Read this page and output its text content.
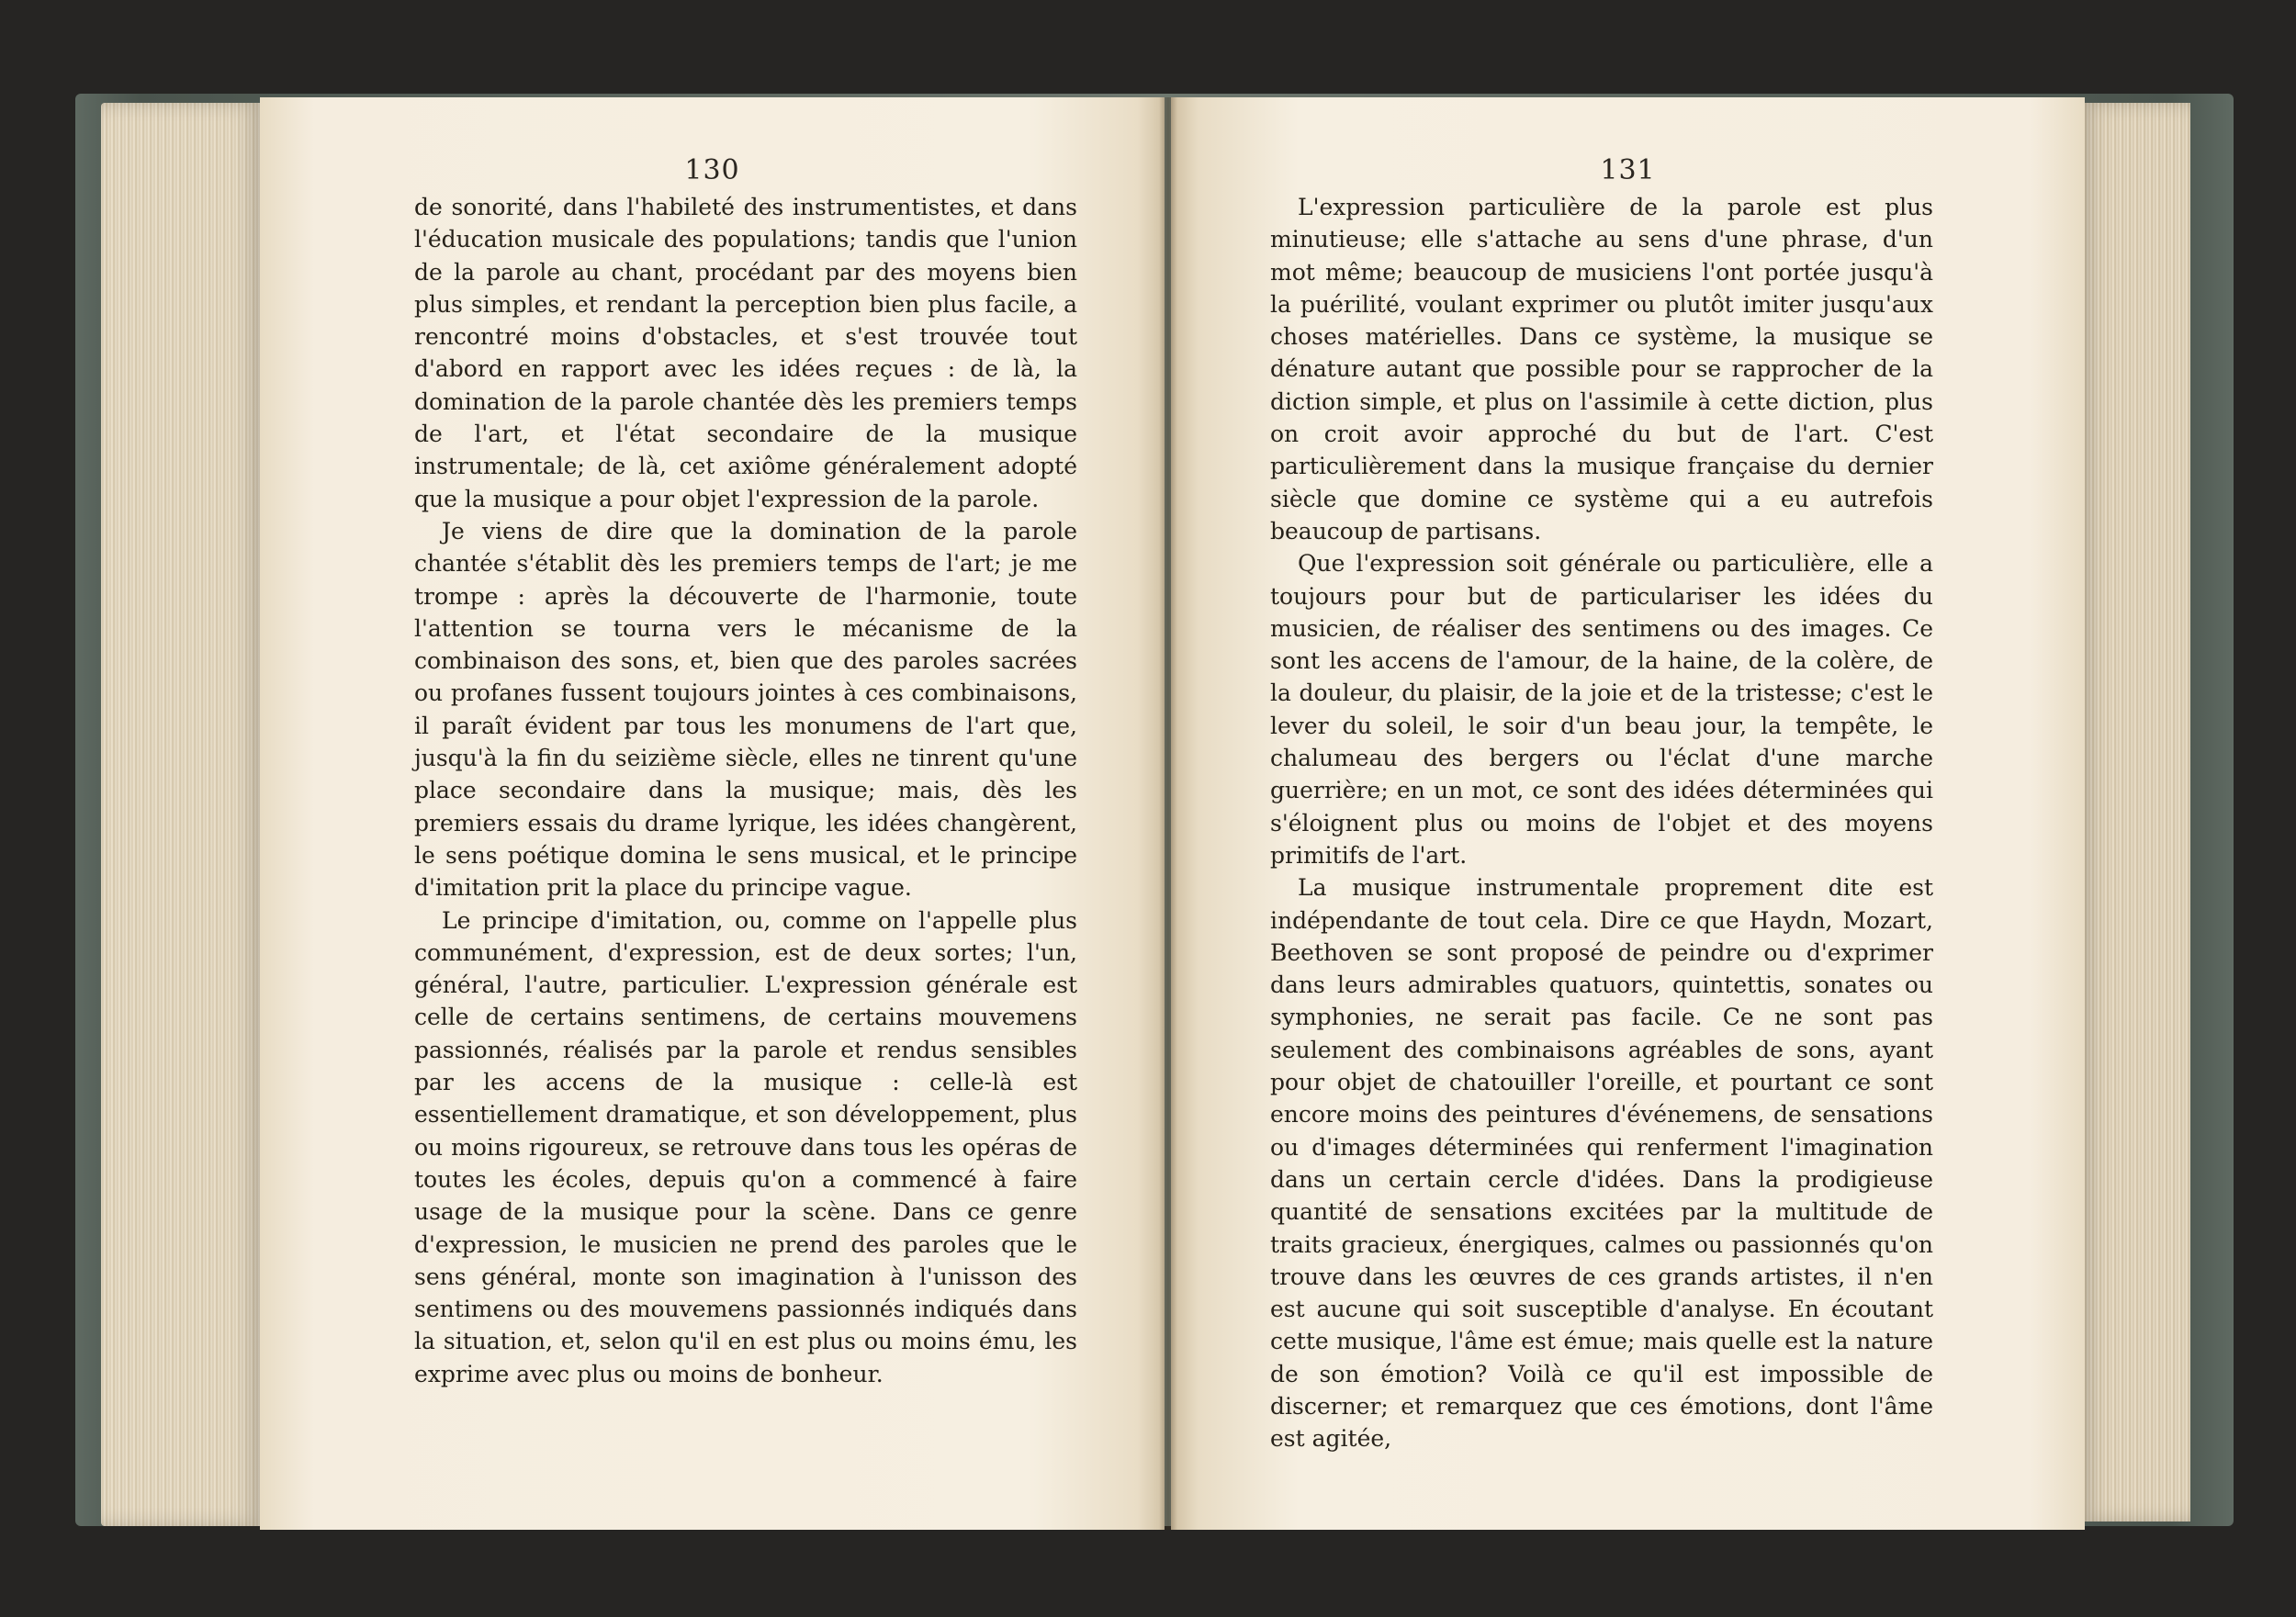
130

de sonorité, dans l'habileté des instrumentistes, et dans l'éducation musicale des populations; tandis que l'union de la parole au chant, procédant par des moyens bien plus simples, et rendant la perception bien plus facile, a rencontré moins d'obstacles, et s'est trouvée tout d'abord en rapport avec les idées reçues : de là, la domination de la parole chantée dès les premiers temps de l'art, et l'état secondaire de la musique instrumentale; de là, cet axiôme généralement adopté que la musique a pour objet l'expression de la parole.

Je viens de dire que la domination de la parole chantée s'établit dès les premiers temps de l'art; je me trompe : après la découverte de l'harmonie, toute l'attention se tourna vers le mécanisme de la combinaison des sons, et, bien que des paroles sacrées ou profanes fussent toujours jointes à ces combinaisons, il paraît évident par tous les monumens de l'art que, jusqu'à la fin du seizième siècle, elles ne tinrent qu'une place secondaire dans la musique; mais, dès les premiers essais du drame lyrique, les idées changèrent, le sens poétique domina le sens musical, et le principe d'imitation prit la place du principe vague.

Le principe d'imitation, ou, comme on l'appelle plus communément, d'expression, est de deux sortes; l'un, général, l'autre, particulier. L'expression générale est celle de certains sentimens, de certains mouvemens passionnés, réalisés par la parole et rendus sensibles par les accens de la musique : celle-là est essentiellement dramatique, et son développement, plus ou moins rigoureux, se retrouve dans tous les opéras de toutes les écoles, depuis qu'on a commencé à faire usage de la musique pour la scène. Dans ce genre d'expression, le musicien ne prend des paroles que le sens général, monte son imagination à l'unisson des sentimens ou des mouvemens passionnés indiqués dans la situation, et, selon qu'il en est plus ou moins ému, les exprime avec plus ou moins de bonheur.

131

L'expression particulière de la parole est plus minutieuse; elle s'attache au sens d'une phrase, d'un mot même; beaucoup de musiciens l'ont portée jusqu'à la puérilité, voulant exprimer ou plutôt imiter jusqu'aux choses matérielles. Dans ce système, la musique se dénature autant que possible pour se rapprocher de la diction simple, et plus on l'assimile à cette diction, plus on croit avoir approché du but de l'art. C'est particulièrement dans la musique française du dernier siècle que domine ce système qui a eu autrefois beaucoup de partisans.

Que l'expression soit générale ou particulière, elle a toujours pour but de particulariser les idées du musicien, de réaliser des sentimens ou des images. Ce sont les accens de l'amour, de la haine, de la colère, de la douleur, du plaisir, de la joie et de la tristesse; c'est le lever du soleil, le soir d'un beau jour, la tempête, le chalumeau des bergers ou l'éclat d'une marche guerrière; en un mot, ce sont des idées déterminées qui s'éloignent plus ou moins de l'objet et des moyens primitifs de l'art.

La musique instrumentale proprement dite est indépendante de tout cela. Dire ce que Haydn, Mozart, Beethoven se sont proposé de peindre ou d'exprimer dans leurs admirables quatuors, quintettis, sonates ou symphonies, ne serait pas facile. Ce ne sont pas seulement des combinaisons agréables de sons, ayant pour objet de chatouiller l'oreille, et pourtant ce sont encore moins des peintures d'événemens, de sensations ou d'images déterminées qui renferment l'imagination dans un certain cercle d'idées. Dans la prodigieuse quantité de sensations excitées par la multitude de traits gracieux, énergiques, calmes ou passionnés qu'on trouve dans les œuvres de ces grands artistes, il n'en est aucune qui soit susceptible d'analyse. En écoutant cette musique, l'âme est émue; mais quelle est la nature de son émotion? Voilà ce qu'il est impossible de discerner; et remarquez que ces émotions, dont l'âme est agitée,
